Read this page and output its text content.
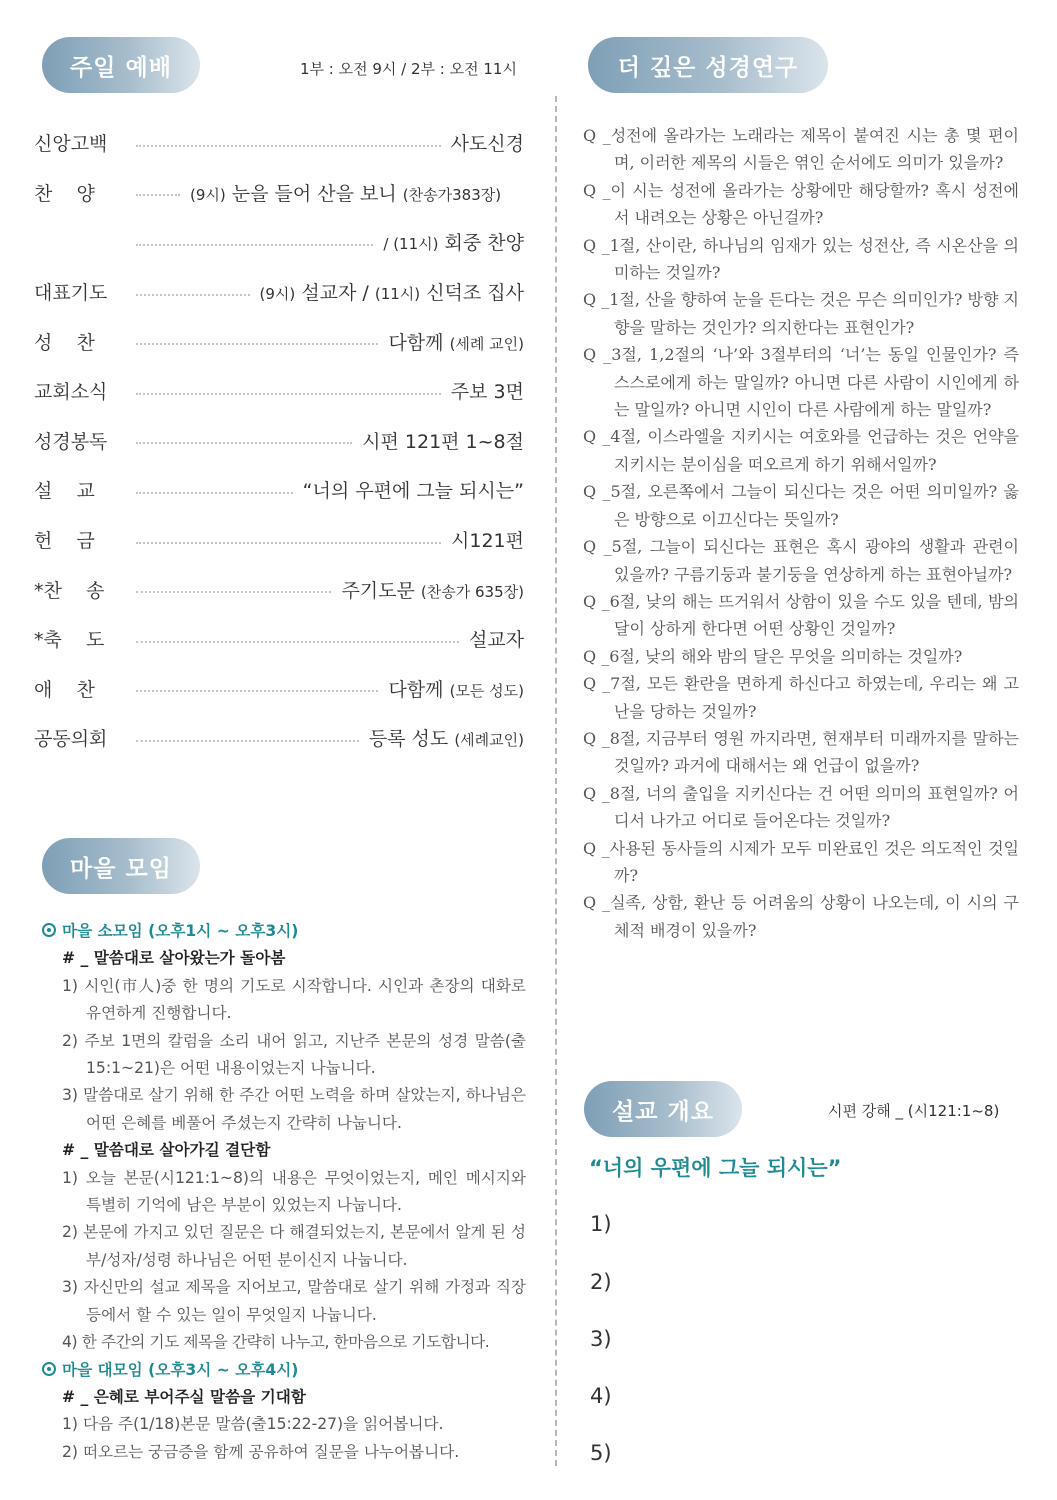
주일 예배	더 깊은 성경연구
마을 모임
설교 개요
1부 : 오전 9시 / 2부 : 오전 11시
신앙고백	사도신경
찬    양	(9시) 눈을 들어 산을 보니 (찬송가383장)
/ (11시) 회중 찬양
대표기도	(9시) 설교자 / (11시) 신덕조 집사
성    찬	다함께 (세례 교인)
교회소식	주보 3면
성경봉독	시편 121편 1~8절
설    교	“너의 우편에 그늘 되시는”
헌    금	시121편
*찬    송	주기도문 (찬송가 635장)
*축    도	설교자
애    찬	다함께 (모든 성도)
공동의회	등록 성도 (세례교인)
마을 소모임 (오후1시 ~ 오후3시)
# _ 말씀대로 살아왔는가 돌아봄
1) 시인(市人)중 한 명의 기도로 시작합니다. 시인과 촌장의 대화로 유연하게 진행합니다.
2) 주보 1면의 칼럼을 소리 내어 읽고, 지난주 본문의 성경 말씀(출15:1~21)은 어떤 내용이었는지 나눕니다.
3) 말씀대로 살기 위해 한 주간 어떤 노력을 하며 살았는지, 하나님은 어떤 은혜를 베풀어 주셨는지 간략히 나눕니다.
# _ 말씀대로 살아가길 결단함
1) 오늘 본문(시121:1~8)의 내용은 무엇이었는지, 메인 메시지와 특별히 기억에 남은 부분이 있었는지 나눕니다.
2) 본문에 가지고 있던 질문은 다 해결되었는지, 본문에서 알게 된 성부/성자/성령 하나님은 어떤 분이신지 나눕니다.
3) 자신만의 설교 제목을 지어보고, 말씀대로 살기 위해 가정과 직장 등에서 할 수 있는 일이 무엇일지 나눕니다.
4) 한 주간의 기도 제목을 간략히 나누고, 한마음으로 기도합니다.
마을 대모임 (오후3시 ~ 오후4시)
# _ 은혜로 부어주실 말씀을 기대함
1) 다음 주(1/18)본문 말씀(출15:22-27)을 읽어봅니다.
2) 떠오르는 궁금증을 함께 공유하여 질문을 나누어봅니다.
Q _성전에 올라가는 노래라는 제목이 붙여진 시는 총 몇 편이며, 이러한 제목의 시들은 엮인 순서에도 의미가 있을까?
Q _이 시는 성전에 올라가는 상황에만 해당할까? 혹시 성전에서 내려오는 상황은 아닌걸까?
Q _1절, 산이란, 하나님의 임재가 있는 성전산, 즉 시온산을 의미하는 것일까?
Q _1절, 산을 향하여 눈을 든다는 것은 무슨 의미인가? 방향 지향을 말하는 것인가? 의지한다는 표현인가?
Q _3절, 1,2절의 ‘나’와 3절부터의 ‘너’는 동일 인물인가? 즉 스스로에게 하는 말일까? 아니면 다른 사람이 시인에게 하는 말일까? 아니면 시인이 다른 사람에게 하는 말일까?
Q _4절, 이스라엘을 지키시는 여호와를 언급하는 것은 언약을 지키시는 분이심을 떠오르게 하기 위해서일까?
Q _5절, 오른쪽에서 그늘이 되신다는 것은 어떤 의미일까? 옳은 방향으로 이끄신다는 뜻일까?
Q _5절, 그늘이 되신다는 표현은 혹시 광야의 생활과 관련이 있을까? 구름기둥과 불기둥을 연상하게 하는 표현아닐까?
Q _6절, 낮의 해는 뜨거워서 상함이 있을 수도 있을 텐데, 밤의 달이 상하게 한다면 어떤 상황인 것일까?
Q _6절, 낮의 해와 밤의 달은 무엇을 의미하는 것일까?
Q _7절, 모든 환란을 면하게 하신다고 하였는데, 우리는 왜 고난을 당하는 것일까?
Q _8절, 지금부터 영원 까지라면, 현재부터 미래까지를 말하는 것일까? 과거에 대해서는 왜 언급이 없을까?
Q _8절, 너의 출입을 지키신다는 건 어떤 의미의 표현일까? 어디서 나가고 어디로 들어온다는 것일까?
Q _사용된 동사들의 시제가 모두 미완료인 것은 의도적인 것일까?
Q _실족, 상함, 환난 등 어려움의 상황이 나오는데, 이 시의 구체적 배경이 있을까?
시편 강해 _ (시121:1~8)
“너의 우편에 그늘 되시는”
1)
2)
3)
4)
5)
